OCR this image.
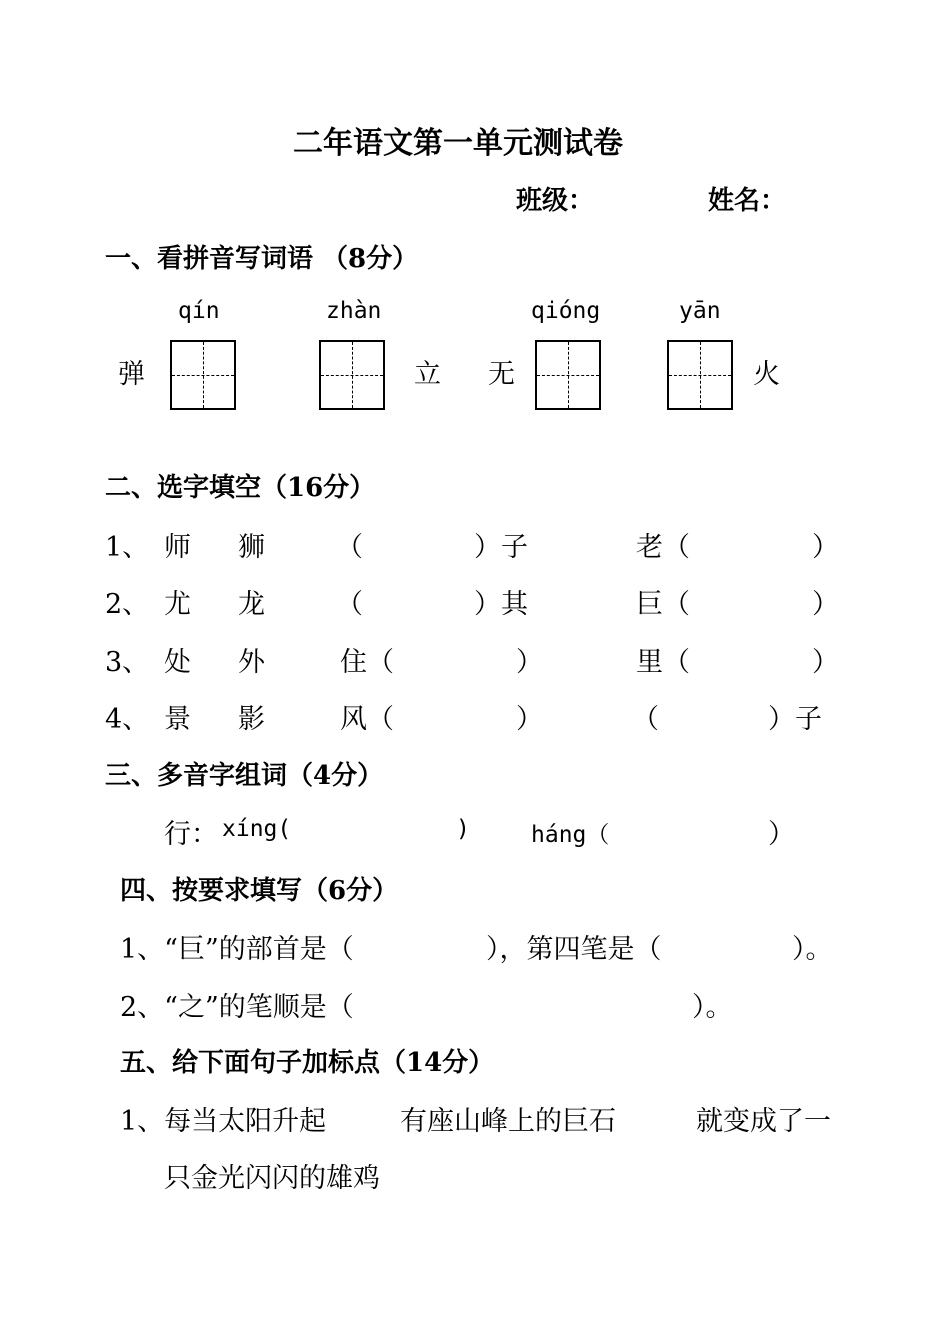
二年语文第一单元测试卷
班级：	姓名：
一、看拼音写词语 （8分）
qín	zhàn	qióng	yān
弹	立 无	火
二、选字填空（16分）
1、 师 狮	（	）子	老（	）
2、 尤 龙	（	）其	巨（	）
3、 处 外	住（	）	里（	）
4、 景 影	风（	）	（	）子
三、多音字组词（4分）
行： xíng(	)	háng（	）
四、按要求填写（6分）
1、“巨”的部首是（	），第四笔是（	）。
2、“之”的笔顺是（	）。
五、给下面句子加标点（14分）
1、每当太阳升起	有座山峰上的巨石	就变成了一
只金光闪闪的雄鸡
